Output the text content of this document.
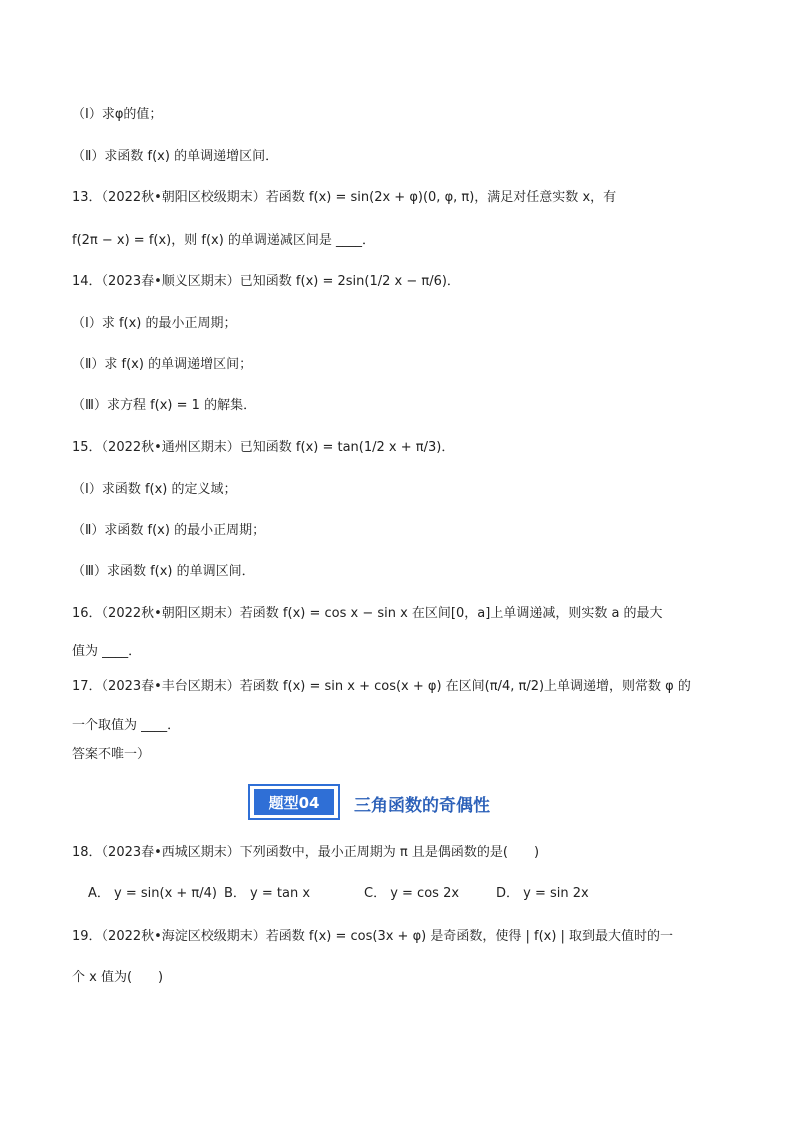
（Ⅰ）求φ的值；
（Ⅱ）求函数 f(x) 的单调递增区间．
13．（2022秋•朝阳区校级期末）若函数 f(x) = sin(2x + φ)(0, φ, π)，满足对任意实数 x，有
f(2π − x) = f(x)，则 f(x) 的单调递减区间是 ____．
14．（2023春•顺义区期末）已知函数 f(x) = 2sin(1/2 x − π/6)．
（Ⅰ）求 f(x) 的最小正周期；
（Ⅱ）求 f(x) 的单调递增区间；
（Ⅲ）求方程 f(x) = 1 的解集．
15．（2022秋•通州区期末）已知函数 f(x) = tan(1/2 x + π/3)．
（Ⅰ）求函数 f(x) 的定义域；
（Ⅱ）求函数 f(x) 的最小正周期；
（Ⅲ）求函数 f(x) 的单调区间．
16．（2022秋•朝阳区期末）若函数 f(x) = cos x − sin x 在区间[0，a]上单调递减，则实数 a 的最大
值为 ____．
17．（2023春•丰台区期末）若函数 f(x) = sin x + cos(x + φ) 在区间(π/4, π/2)上单调递增，则常数 φ 的
一个取值为 ____．
答案不唯一）
题型04	三角函数的奇偶性
18．（2023春•西城区期末）下列函数中，最小正周期为 π 且是偶函数的是(　　)
A． y = sin(x + π/4) B． y = tan x	C． y = cos 2x	D． y = sin 2x
19．（2022秋•海淀区校级期末）若函数 f(x) = cos(3x + φ) 是奇函数，使得 | f(x) | 取到最大值时的一
个 x 值为(　　)
